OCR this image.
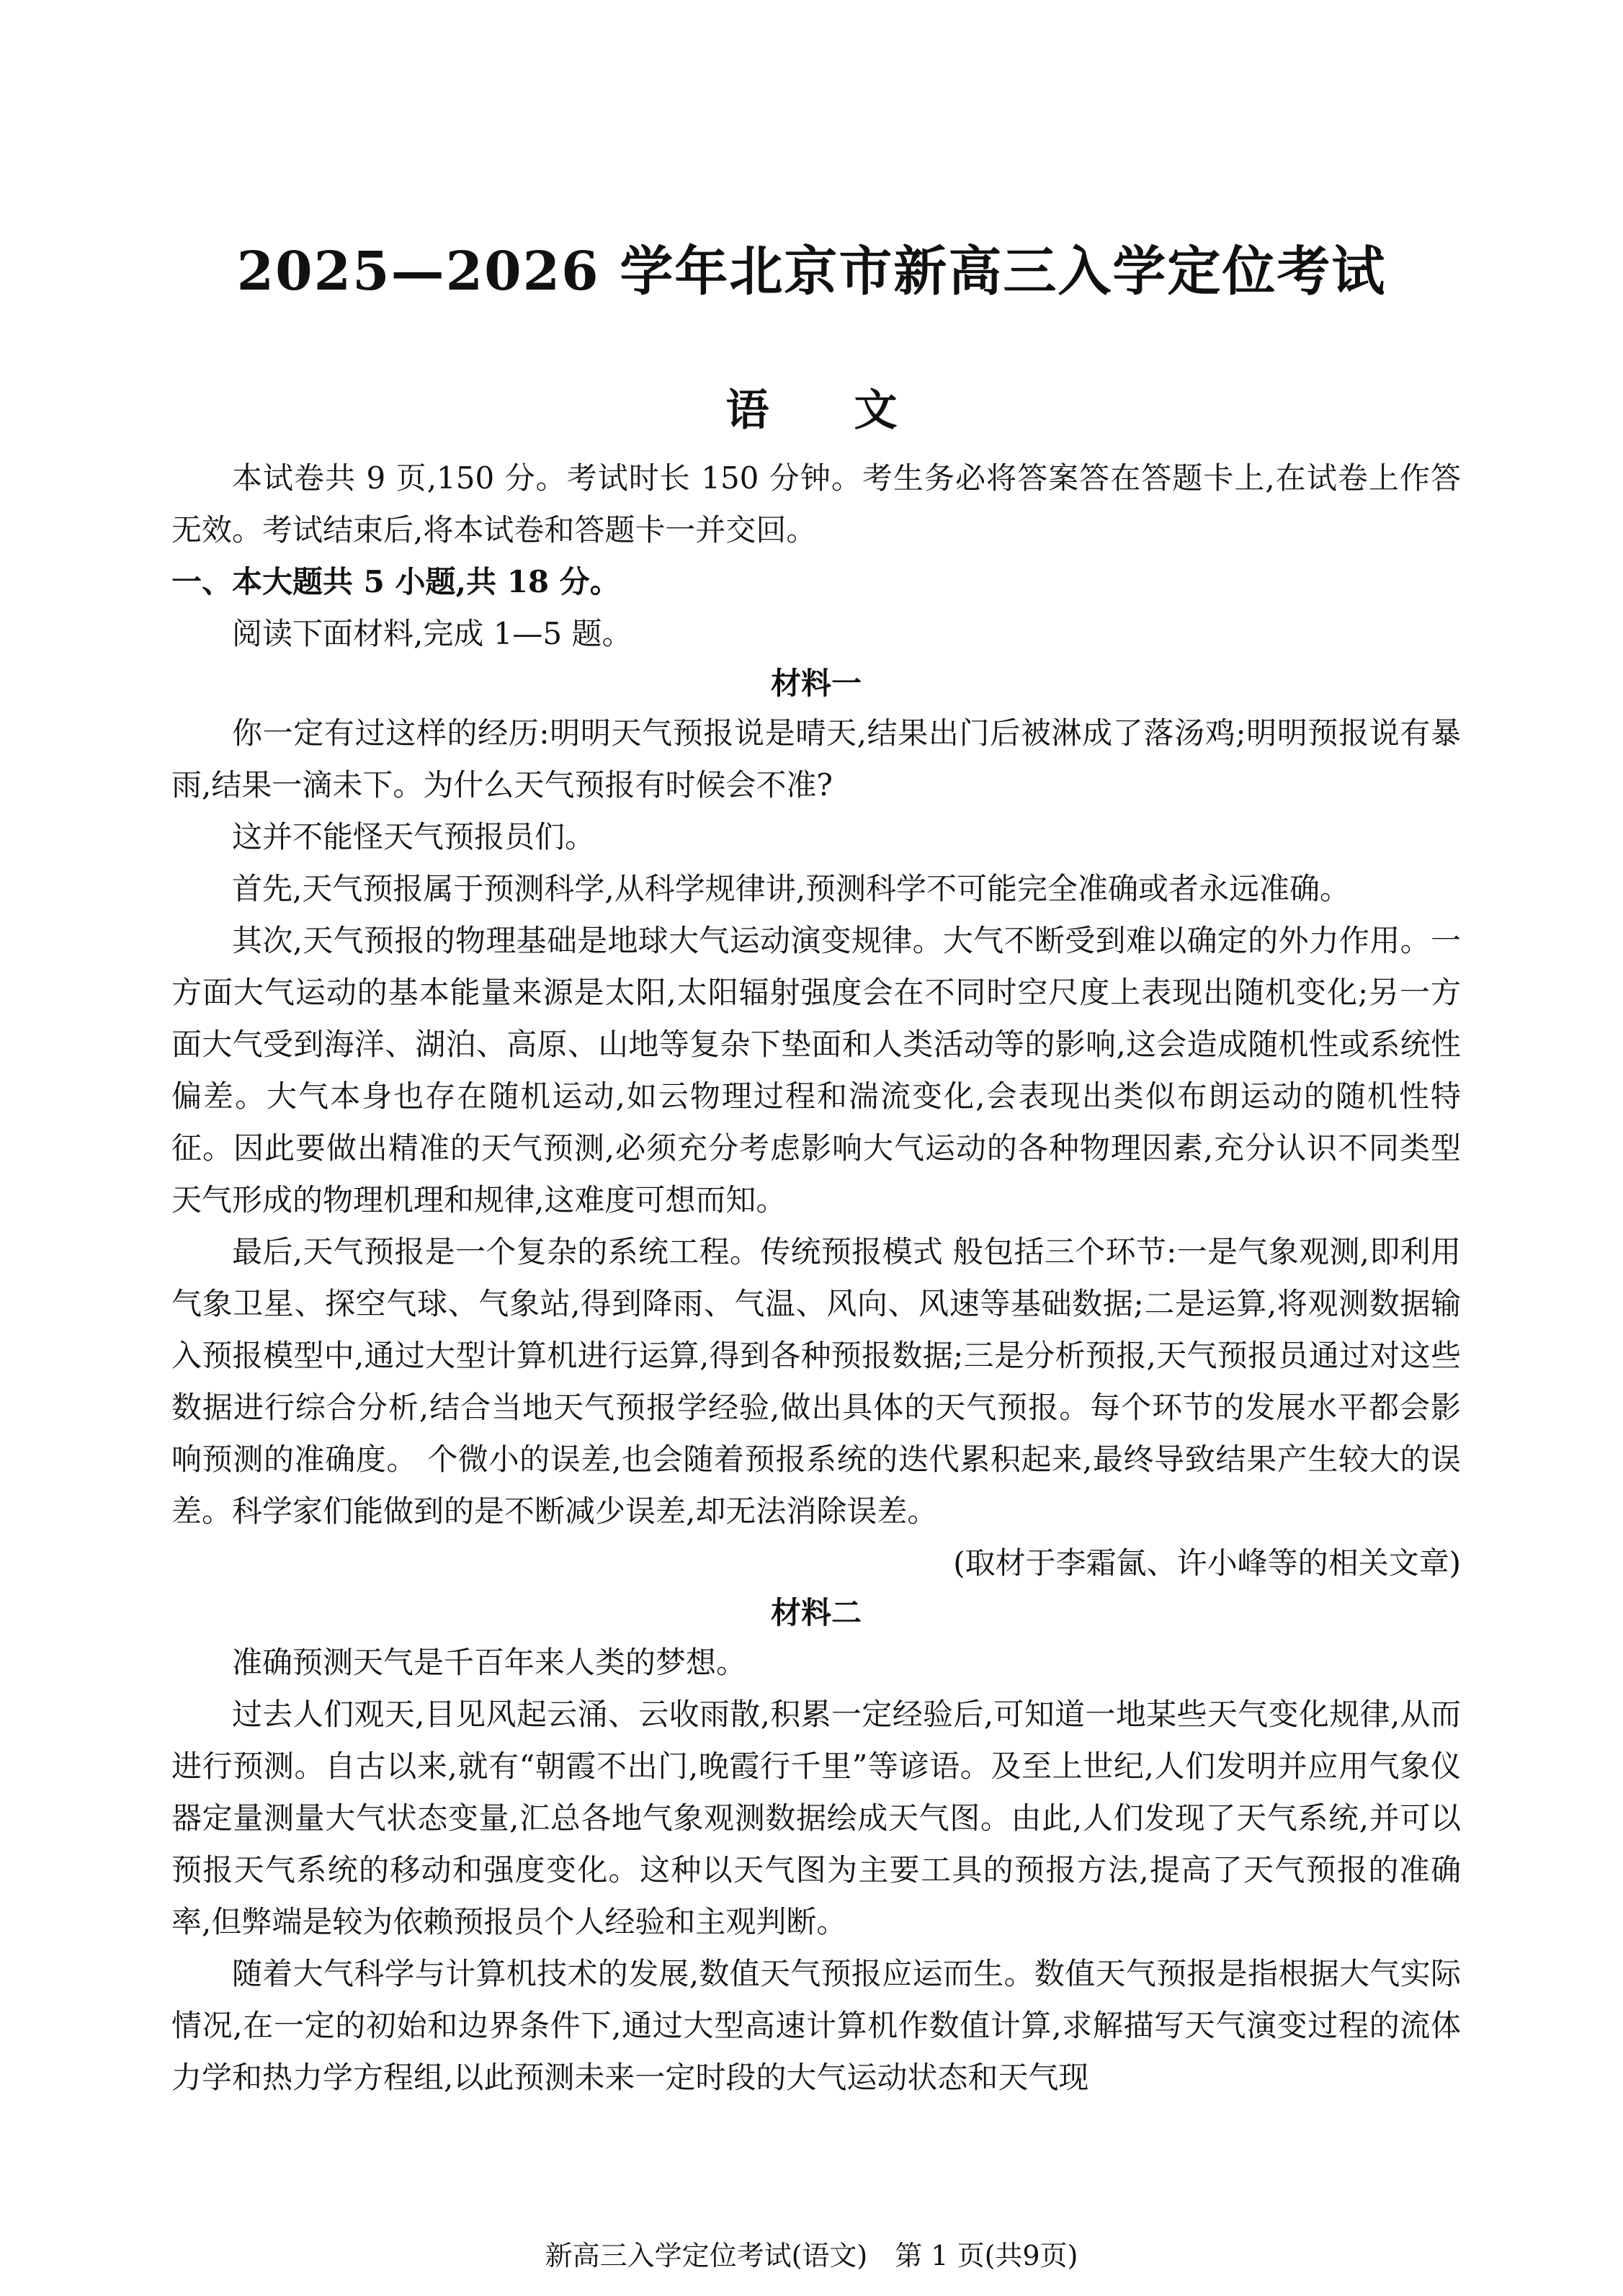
2025—2026 学年北京市新高三入学定位考试
语文

本试卷共 9 页,150 分。考试时长 150 分钟。考生务必将答案答在答题卡上,在试卷上作答无效。考试结束后,将本试卷和答题卡一并交回。

一、本大题共 5 小题,共 18 分。

阅读下面材料,完成 1—5 题。

材料一

你一定有过这样的经历:明明天气预报说是晴天,结果出门后被淋成了落汤鸡;明明预报说有暴雨,结果一滴未下。为什么天气预报有时候会不准?

这并不能怪天气预报员们。

首先,天气预报属于预测科学,从科学规律讲,预测科学不可能完全准确或者永远准确。

其次,天气预报的物理基础是地球大气运动演变规律。大气不断受到难以确定的外力作用。一方面大气运动的基本能量来源是太阳,太阳辐射强度会在不同时空尺度上表现出随机变化;另一方面大气受到海洋、湖泊、高原、山地等复杂下垫面和人类活动等的影响,这会造成随机性或系统性偏差。大气本身也存在随机运动,如云物理过程和湍流变化,会表现出类似布朗运动的随机性特征。因此要做出精准的天气预测,必须充分考虑影响大气运动的各种物理因素,充分认识不同类型天气形成的物理机理和规律,这难度可想而知。

最后,天气预报是一个复杂的系统工程。传统预报模式 般包括三个环节:一是气象观测,即利用气象卫星、探空气球、气象站,得到降雨、气温、风向、风速等基础数据;二是运算,将观测数据输入预报模型中,通过大型计算机进行运算,得到各种预报数据;三是分析预报,天气预报员通过对这些数据进行综合分析,结合当地天气预报学经验,做出具体的天气预报。每个环节的发展水平都会影响预测的准确度。 个微小的误差,也会随着预报系统的迭代累积起来,最终导致结果产生较大的误差。科学家们能做到的是不断减少误差,却无法消除误差。

(取材于李霜氤、许小峰等的相关文章)

材料二

准确预测天气是千百年来人类的梦想。

过去人们观天,目见风起云涌、云收雨散,积累一定经验后,可知道一地某些天气变化规律,从而进行预测。自古以来,就有“朝霞不出门,晚霞行千里”等谚语。及至上世纪,人们发明并应用气象仪器定量测量大气状态变量,汇总各地气象观测数据绘成天气图。由此,人们发现了天气系统,并可以预报天气系统的移动和强度变化。这种以天气图为主要工具的预报方法,提高了天气预报的准确率,但弊端是较为依赖预报员个人经验和主观判断。

随着大气科学与计算机技术的发展,数值天气预报应运而生。数值天气预报是指根据大气实际情况,在一定的初始和边界条件下,通过大型高速计算机作数值计算,求解描写天气演变过程的流体力学和热力学方程组,以此预测未来一定时段的大气运动状态和天气现

新高三入学定位考试(语文)　第 1 页(共9页)
